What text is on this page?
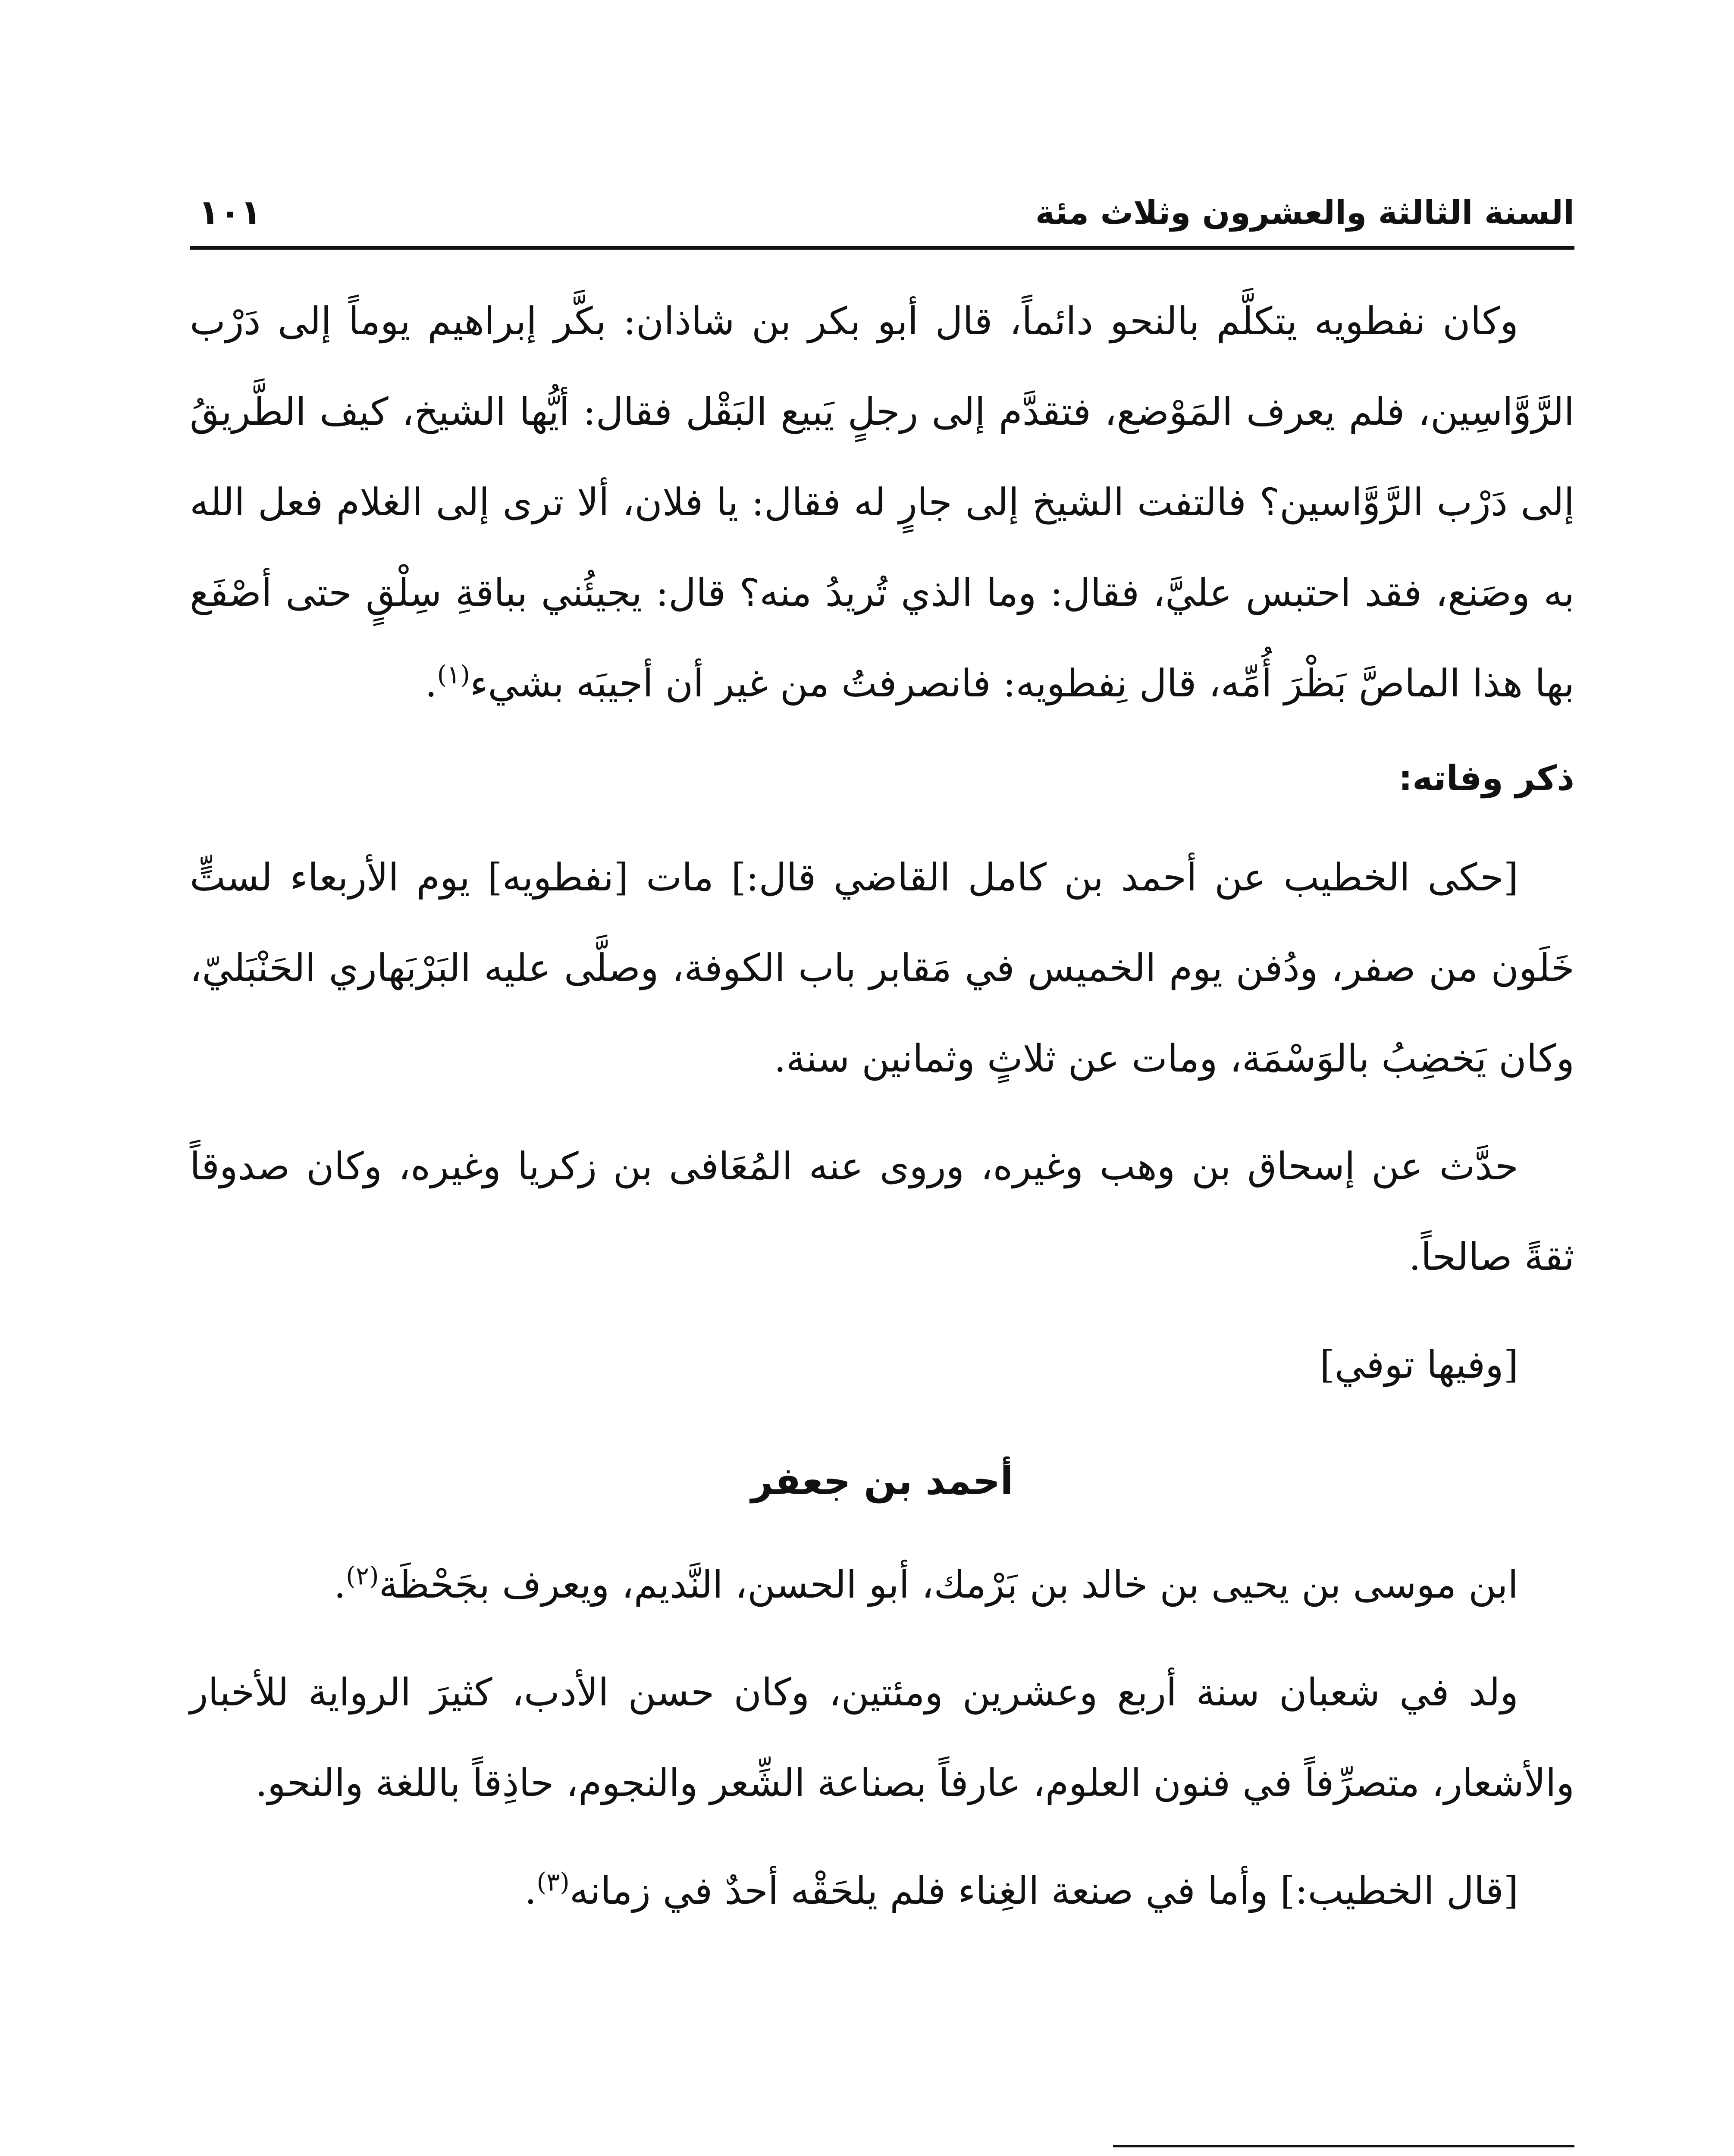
السنة الثالثة والعشرون وثلاث مئة
١٠١

وكان نفطويه يتكلَّم بالنحو دائماً، قال أبو بكر بن شاذان: بكَّر إبراهيم يوماً إلى دَرْب الرَّوَّاسِين، فلم يعرف المَوْضع، فتقدَّم إلى رجلٍ يَبيع البَقْل فقال: أيُّها الشيخ، كيف الطَّريقُ إلى دَرْب الرَّوَّاسين؟ فالتفت الشيخ إلى جارٍ له فقال: يا فلان، ألا ترى إلى الغلام فعل الله به وصَنع، فقد احتبس عليَّ، فقال: وما الذي تُريدُ منه؟ قال: يجيئُني بباقةِ سِلْقٍ حتى أصْفَع بها هذا الماصَّ بَظْرَ أُمِّه، قال نِفطويه: فانصرفتُ من غير أن أجيبَه بشيء$^{(١)}$.

ذكر وفاته:

[حكى الخطيب عن أحمد بن كامل القاضي قال:] مات [نفطويه] يوم الأربعاء لستٍّ خَلَون من صفر، ودُفن يوم الخميس في مَقابر باب الكوفة، وصلَّى عليه البَرْبَهاري الحَنْبَليّ، وكان يَخضِبُ بالوَسْمَة، ومات عن ثلاثٍ وثمانين سنة.

حدَّث عن إسحاق بن وهب وغيره، وروى عنه المُعَافى بن زكريا وغيره، وكان صدوقاً ثقةً صالحاً.

[وفيها توفي]

أحمد بن جعفر

ابن موسى بن يحيى بن خالد بن بَرْمك، أبو الحسن، النَّديم، ويعرف بجَحْظَة$^{(٢)}$.

ولد في شعبان سنة أربع وعشرين ومئتين، وكان حسن الأدب، كثيرَ الرواية للأخبار والأشعار، متصرِّفاً في فنون العلوم، عارفاً بصناعة الشِّعر والنجوم، حاذِقاً باللغة والنحو.

[قال الخطيب:] وأما في صنعة الغِناء فلم يلحَقْه أحدٌ في زمانه$^{(٣)}$.
